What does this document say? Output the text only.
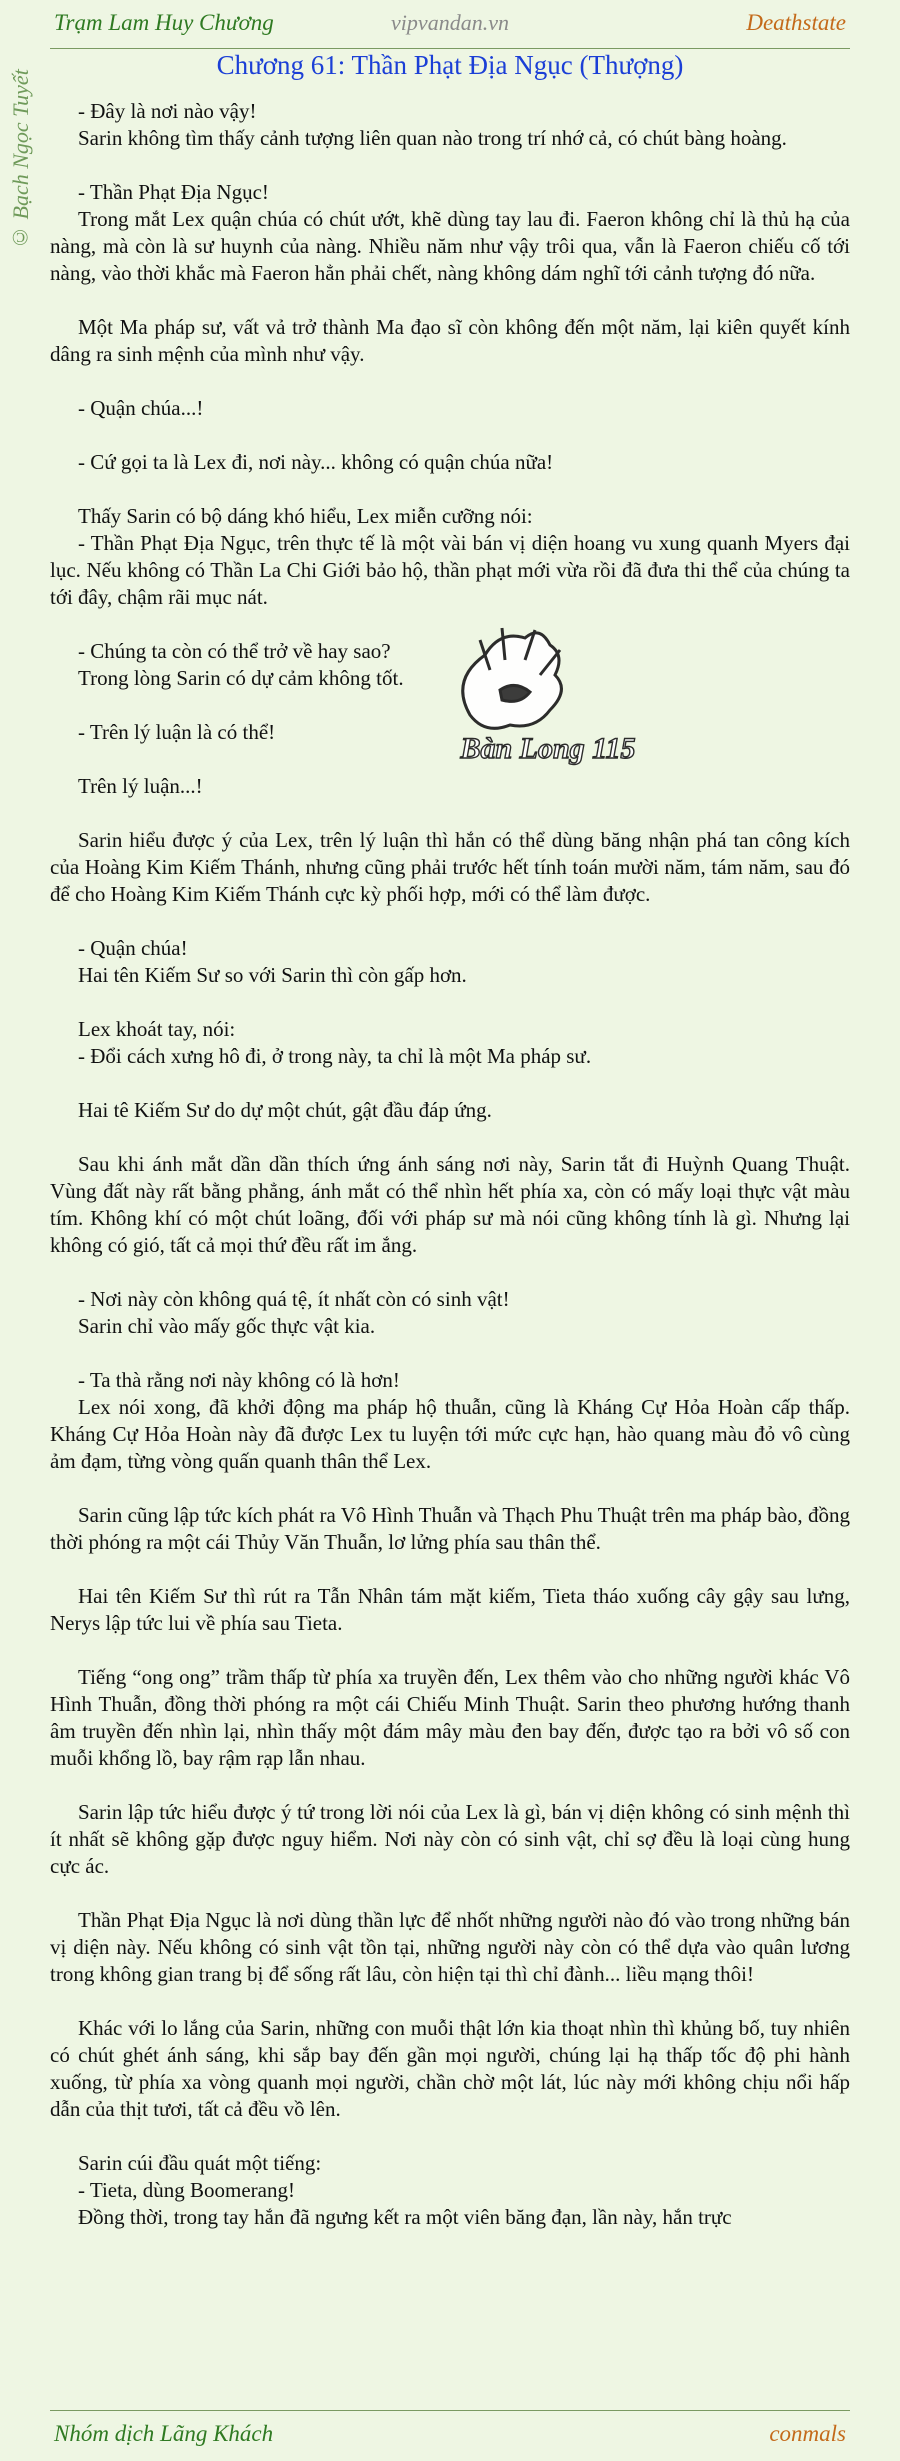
Trạm Lam Huy Chương	vipvandan.vn	Deathstate
© Bạch Ngọc Tuyết
Chương 61: Thần Phạt Địa Ngục (Thượng)

- Đây là nơi nào vậy!
Sarin không tìm thấy cảnh tượng liên quan nào trong trí nhớ cả, có chút bàng hoàng.

- Thần Phạt Địa Ngục!
Trong mắt Lex quận chúa có chút ướt, khẽ dùng tay lau đi. Faeron không chỉ là thủ hạ của nàng, mà còn là sư huynh của nàng. Nhiều năm như vậy trôi qua, vẫn là Faeron chiếu cố tới nàng, vào thời khắc mà Faeron hẳn phải chết, nàng không dám nghĩ tới cảnh tượng đó nữa.

Một Ma pháp sư, vất vả trở thành Ma đạo sĩ còn không đến một năm, lại kiên quyết kính dâng ra sinh mệnh của mình như vậy.

- Quận chúa...!

- Cứ gọi ta là Lex đi, nơi này... không có quận chúa nữa!

Thấy Sarin có bộ dáng khó hiểu, Lex miễn cưỡng nói:
- Thần Phạt Địa Ngục, trên thực tế là một vài bán vị diện hoang vu xung quanh Myers đại lục. Nếu không có Thần La Chi Giới bảo hộ, thần phạt mới vừa rồi đã đưa thi thể của chúng ta tới đây, chậm rãi mục nát.

- Chúng ta còn có thể trở về hay sao?
Trong lòng Sarin có dự cảm không tốt.

- Trên lý luận là có thể!

Trên lý luận...!

Sarin hiểu được ý của Lex, trên lý luận thì hắn có thể dùng băng nhận phá tan công kích của Hoàng Kim Kiếm Thánh, nhưng cũng phải trước hết tính toán mười năm, tám năm, sau đó để cho Hoàng Kim Kiếm Thánh cực kỳ phối hợp, mới có thể làm được.

- Quận chúa!
Hai tên Kiếm Sư so với Sarin thì còn gấp hơn.

Lex khoát tay, nói:
- Đổi cách xưng hô đi, ở trong này, ta chỉ là một Ma pháp sư.

Hai tê Kiếm Sư do dự một chút, gật đầu đáp ứng.

Sau khi ánh mắt dần dần thích ứng ánh sáng nơi này, Sarin tắt đi Huỳnh Quang Thuật. Vùng đất này rất bằng phẳng, ánh mắt có thể nhìn hết phía xa, còn có mấy loại thực vật màu tím. Không khí có một chút loãng, đối với pháp sư mà nói cũng không tính là gì. Nhưng lại không có gió, tất cả mọi thứ đều rất im ắng.

- Nơi này còn không quá tệ, ít nhất còn có sinh vật!
Sarin chỉ vào mấy gốc thực vật kia.

- Ta thà rằng nơi này không có là hơn!
Lex nói xong, đã khởi động ma pháp hộ thuẫn, cũng là Kháng Cự Hỏa Hoàn cấp thấp. Kháng Cự Hỏa Hoàn này đã được Lex tu luyện tới mức cực hạn, hào quang màu đỏ vô cùng ảm đạm, từng vòng quấn quanh thân thể Lex.

Sarin cũng lập tức kích phát ra Vô Hình Thuẫn và Thạch Phu Thuật trên ma pháp bào, đồng thời phóng ra một cái Thủy Văn Thuẫn, lơ lửng phía sau thân thể.

Hai tên Kiếm Sư thì rút ra Tẫn Nhân tám mặt kiếm, Tieta tháo xuống cây gậy sau lưng, Nerys lập tức lui về phía sau Tieta.

Tiếng “ong ong” trầm thấp từ phía xa truyền đến, Lex thêm vào cho những người khác Vô Hình Thuẫn, đồng thời phóng ra một cái Chiếu Minh Thuật. Sarin theo phương hướng thanh âm truyền đến nhìn lại, nhìn thấy một đám mây màu đen bay đến, được tạo ra bởi vô số con muỗi khổng lồ, bay rậm rạp lẫn nhau.

Sarin lập tức hiểu được ý tứ trong lời nói của Lex là gì, bán vị diện không có sinh mệnh thì ít nhất sẽ không gặp được nguy hiểm. Nơi này còn có sinh vật, chỉ sợ đều là loại cùng hung cực ác.

Thần Phạt Địa Ngục là nơi dùng thần lực để nhốt những người nào đó vào trong những bán vị diện này. Nếu không có sinh vật tồn tại, những người này còn có thể dựa vào quân lương trong không gian trang bị để sống rất lâu, còn hiện tại thì chỉ đành... liều mạng thôi!

Khác với lo lắng của Sarin, những con muỗi thật lớn kia thoạt nhìn thì khủng bố, tuy nhiên có chút ghét ánh sáng, khi sắp bay đến gần mọi người, chúng lại hạ thấp tốc độ phi hành xuống, từ phía xa vòng quanh mọi người, chần chờ một lát, lúc này mới không chịu nổi hấp dẫn của thịt tươi, tất cả đều vồ lên.

Sarin cúi đầu quát một tiếng:
- Tieta, dùng Boomerang!
Đồng thời, trong tay hắn đã ngưng kết ra một viên băng đạn, lần này, hắn trực

Bàn Long 115
Nhóm dịch Lãng Khách	conmals
